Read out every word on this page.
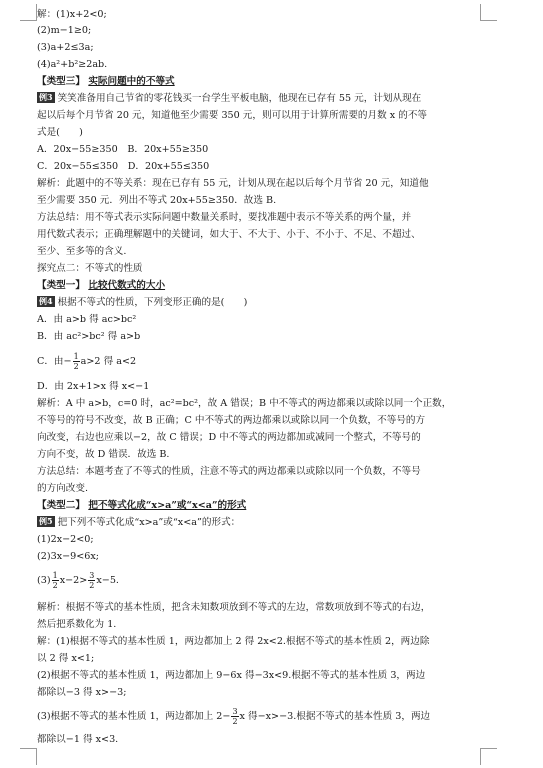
解：(1)x+2<0;
(2)m−1≥0;
(3)a+2≤3a;
(4)a²+b²≥2ab.
【类型三】 实际问题中的不等式
例3 笑笑准备用自己节省的零花钱买一台学生平板电脑，他现在已存有 55 元，计划从现在
起以后每个月节省 20 元，知道他至少需要 350 元，则可以用于计算所需要的月数 x 的不等
式是(　　)
A．20x−55≥350　B．20x+55≥350
C．20x−55≤350　D．20x+55≤350
解析：此题中的不等关系：现在已存有 55 元，计划从现在起以后每个月节省 20 元，知道他
至少需要 350 元．列出不等式 20x+55≥350．故选 B.
方法总结：用不等式表示实际问题中数量关系时，要找准题中表示不等关系的两个量，并
用代数式表示；正确理解题中的关键词，如大于、不大于、小于、不小于、不足、不超过、
至少、至多等的含义.
探究点二：不等式的性质
【类型一】 比较代数式的大小
例4 根据不等式的性质，下列变形正确的是(　　)
A．由 a>b 得 ac>bc²
B．由 ac²>bc² 得 a>b
C．由− $\frac{1}{2} a>2$ 得 a<2
D．由 2x+1>x 得 x<−1
解析：A 中 a>b，c=0 时，ac²=bc²，故 A 错误；B 中不等式的两边都乘以或除以同一个正数，
不等号的符号不改变，故 B 正确；C 中不等式的两边都乘以或除以同一个负数，不等号的方
向改变，右边也应乘以−2，故 C 错误；D 中不等式的两边都加或减同一个整式，不等号的
方向不变，故 D 错误．故选 B.
方法总结：本题考查了不等式的性质，注意不等式的两边都乘以或除以同一个负数，不等号
的方向改变.
【类型二】 把不等式化成“x>a”或“x<a”的形式
例5 把下列不等式化成“x>a”或“x<a”的形式：
(1)2x−2<0;
(2)3x−9<6x;
$(3) \frac{1}{2} x-2> \frac{3}{2} x-5$.
解析：根据不等式的基本性质，把含未知数项放到不等式的左边，常数项放到不等式的右边，
然后把系数化为 1.
解：(1)根据不等式的基本性质 1，两边都加上 2 得 2x<2.根据不等式的基本性质 2，两边除
以 2 得 x<1;
(2)根据不等式的基本性质 1，两边都加上 9−6x 得−3x<9.根据不等式的基本性质 3，两边
都除以−3 得 x>−3;
(3)根据不等式的基本性质 1，两边都加上 $2- \frac{3}{2}$ x 得−x>−3.根据不等式的基本性质 3，两边
都除以−1 得 x<3.
